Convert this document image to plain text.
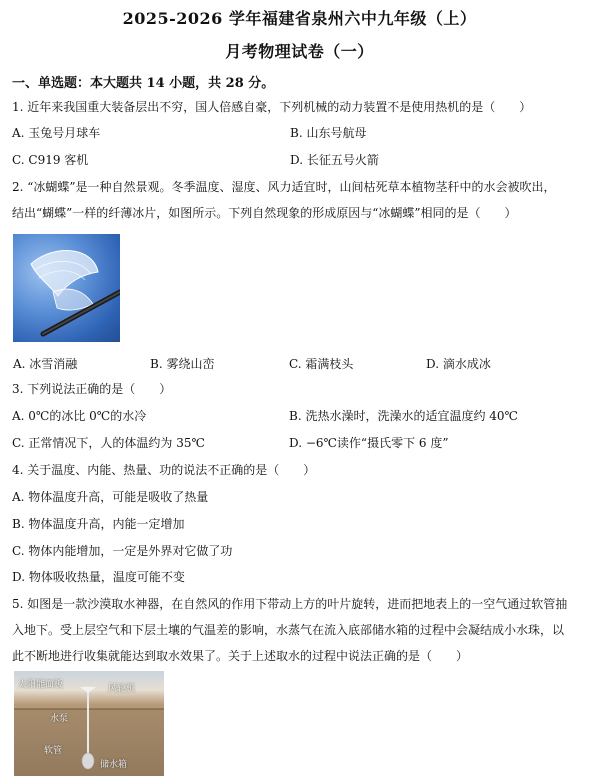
2025-2026 学年福建省泉州六中九年级（上）
月考物理试卷（一）
一、单选题：本大题共 14 小题，共 28 分。
1. 近年来我国重大装备层出不穷，国人倍感自豪，下列机械的动力装置不是使用热机的是（　　）
A. 玉兔号月球车	B. 山东号航母
C. C919 客机	D. 长征五号火箭
2. “冰蝴蝶”是一种自然景观。冬季温度、湿度、风力适宜时，山间枯死草本植物茎秆中的水会被吹出，
结出“蝴蝶”一样的纤薄冰片，如图所示。下列自然现象的形成原因与“冰蝴蝶”相同的是（　　）
A. 冰雪消融	B. 雾绕山峦	C. 霜满枝头	D. 滴水成冰
3. 下列说法正确的是（　　）
A. 0℃的冰比 0℃的水冷	B. 洗热水澡时，洗澡水的适宜温度约 40℃
C. 正常情况下，人的体温约为 35℃	D. −6℃读作“摄氏零下 6 度”
4. 关于温度、内能、热量、功的说法不正确的是（　　）
A. 物体温度升高，可能是吸收了热量
B. 物体温度升高，内能一定增加
C. 物体内能增加，一定是外界对它做了功
D. 物体吸收热量，温度可能不变
5. 如图是一款沙漠取水神器，在自然风的作用下带动上方的叶片旋转，进而把地表上的一空气通过软管抽
入地下。受上层空气和下层土壤的气温差的影响，水蒸气在流入底部储水箱的过程中会凝结成小水珠，以
此不断地进行收集就能达到取水效果了。关于上述取水的过程中说法正确的是（　　）
太阳能面板	风轮机
水泵
软管
储水箱
